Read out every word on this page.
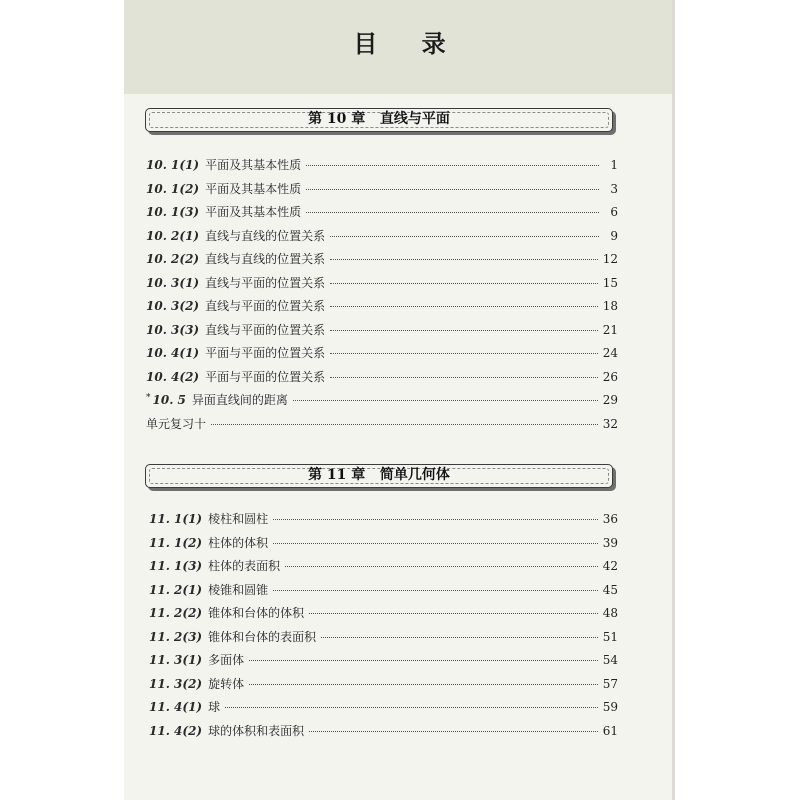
目 录
第 10 章   直线与平面
10. 1(1) 平面及其基本性质	1
10. 1(2) 平面及其基本性质	3
10. 1(3) 平面及其基本性质	6
10. 2(1) 直线与直线的位置关系	9
10. 2(2) 直线与直线的位置关系	12
10. 3(1) 直线与平面的位置关系	15
10. 3(2) 直线与平面的位置关系	18
10. 3(3) 直线与平面的位置关系	21
10. 4(1) 平面与平面的位置关系	24
10. 4(2) 平面与平面的位置关系	26
* 10. 5 异面直线间的距离	29
单元复习十	32
第 11 章   简单几何体
11. 1(1) 棱柱和圆柱	36
11. 1(2) 柱体的体积	39
11. 1(3) 柱体的表面积	42
11. 2(1) 棱锥和圆锥	45
11. 2(2) 锥体和台体的体积	48
11. 2(3) 锥体和台体的表面积	51
11. 3(1) 多面体	54
11. 3(2) 旋转体	57
11. 4(1) 球	59
11. 4(2) 球的体积和表面积	61
